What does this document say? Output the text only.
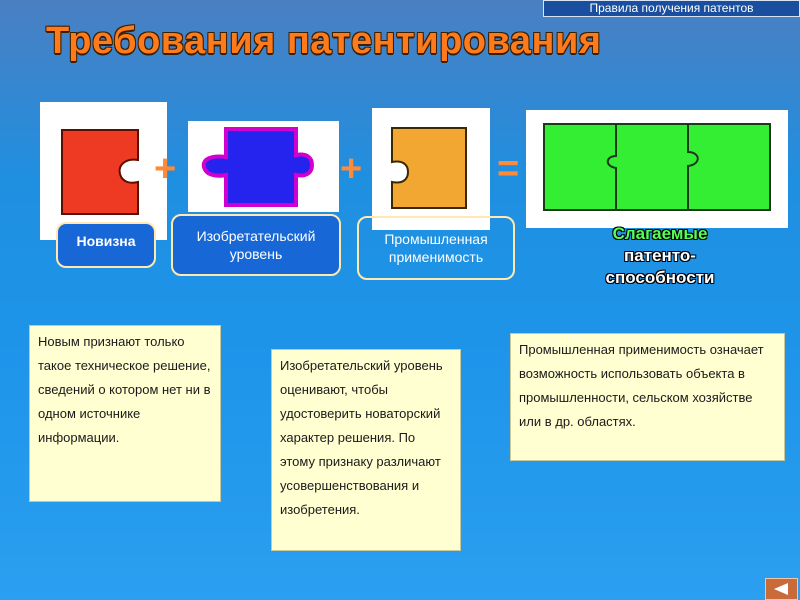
Правила получения патентов
Требования патентирования
+	+	=
Новизна	Изобретательский уровень
Промышленная применимость
Слагаемые
патенто-
способности
Новым признают только такое техническое решение, сведений о котором нет ни в одном источнике информации.
Изобретательский уровень оценивают, чтобы удостоверить новаторский характер решения. По этому признаку различают усовершенствования и изобретения.
Промышленная применимость означает возможность использовать объекта в промышленности, сельском хозяйстве или в др. областях.
